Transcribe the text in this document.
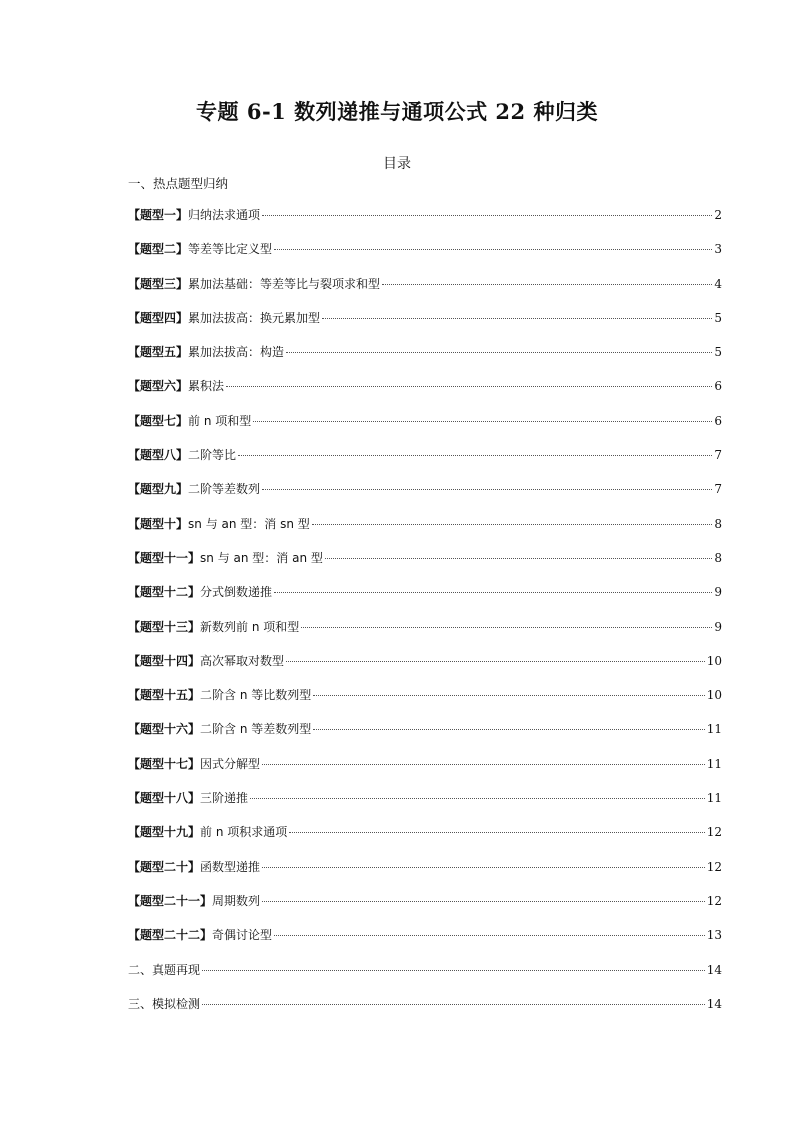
专题 6-1 数列递推与通项公式 22 种归类
目录
一、热点题型归纳
【题型一】归纳法求通项	2
【题型二】等差等比定义型	3
【题型三】累加法基础：等差等比与裂项求和型	4
【题型四】累加法拔高：换元累加型	5
【题型五】累加法拔高：构造	5
【题型六】累积法	6
【题型七】前 n 项和型	6
【题型八】二阶等比	7
【题型九】二阶等差数列	7
【题型十】sn 与 an 型：消 sn 型	8
【题型十一】sn 与 an 型：消 an 型	8
【题型十二】分式倒数递推	9
【题型十三】新数列前 n 项和型	9
【题型十四】高次幂取对数型	10
【题型十五】二阶含 n 等比数列型	10
【题型十六】二阶含 n 等差数列型	11
【题型十七】因式分解型	11
【题型十八】三阶递推	11
【题型十九】前 n 项积求通项	12
【题型二十】函数型递推	12
【题型二十一】周期数列	12
【题型二十二】奇偶讨论型	13
二、真题再现	14
三、模拟检测	14
